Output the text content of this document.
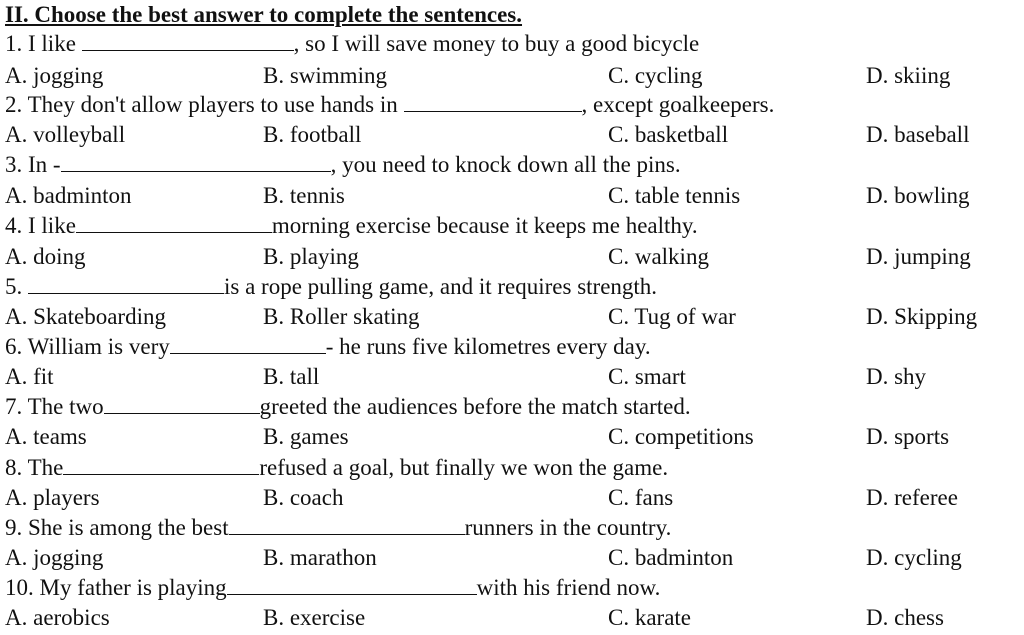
II. Choose the best answer to complete the sentences.
1. I like	, so I will save money to buy a good bicycle
A. jogging	B. swimming	C. cycling	D. skiing
2. They don't allow players to use hands in	, except goalkeepers.
A. volleyball	B. football	C. basketball	D. baseball
3. In -	, you need to knock down all the pins.
A. badminton	B. tennis	C. table tennis	D. bowling
4. I like	morning exercise because it keeps me healthy.
A. doing	B. playing	C. walking	D. jumping
5.	is a rope pulling game, and it requires strength.
A. Skateboarding	B. Roller skating	C. Tug of war	D. Skipping
6. William is very	- he runs five kilometres every day.
A. fit	B. tall	C. smart	D. shy
7. The two	greeted the audiences before the match started.
A. teams	B. games	C. competitions	D. sports
8. The	refused a goal, but finally we won the game.
A. players	B. coach	C. fans	D. referee
9. She is among the best	runners in the country.
A. jogging	B. marathon	C. badminton	D. cycling
10. My father is playing	with his friend now.
A. aerobics	B. exercise	C. karate	D. chess
